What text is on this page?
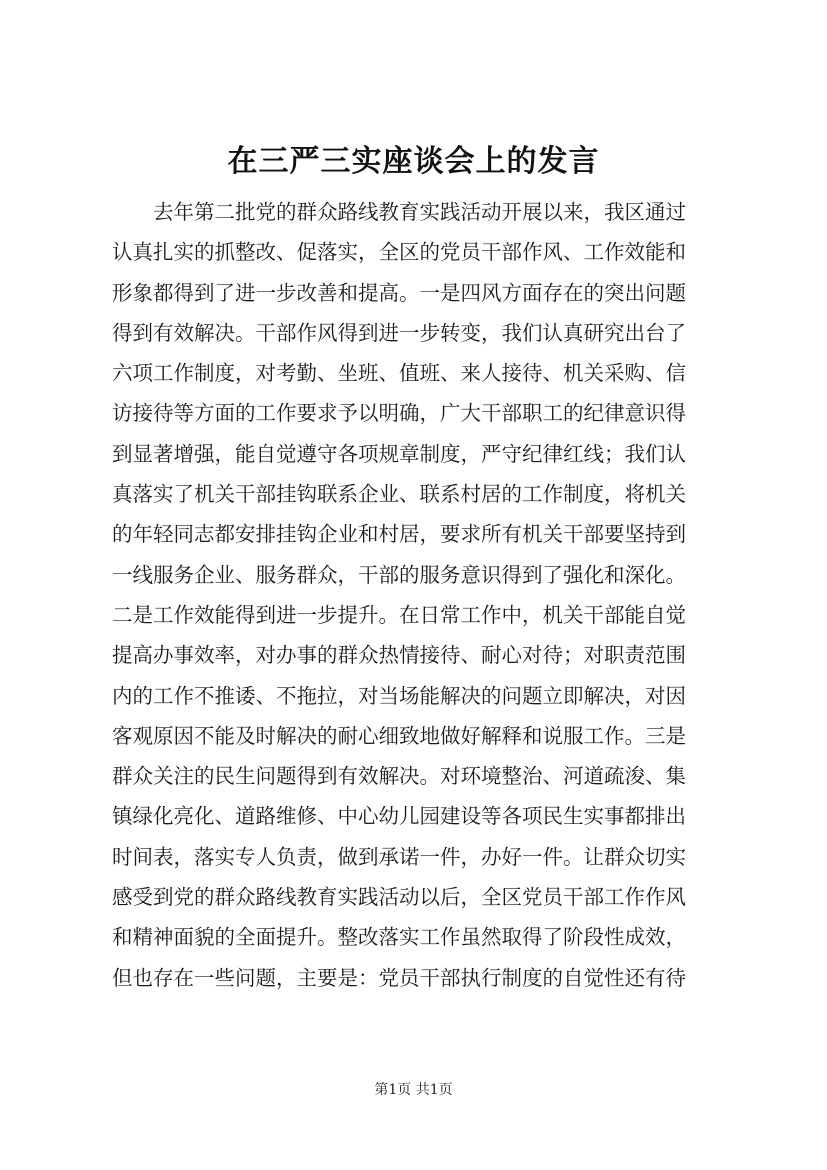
在三严三实座谈会上的发言
去年第二批党的群众路线教育实践活动开展以来，我区通过
认真扎实的抓整改、促落实，全区的党员干部作风、工作效能和
形象都得到了进一步改善和提高。一是四风方面存在的突出问题
得到有效解决。干部作风得到进一步转变，我们认真研究出台了
六项工作制度，对考勤、坐班、值班、来人接待、机关采购、信
访接待等方面的工作要求予以明确，广大干部职工的纪律意识得
到显著增强，能自觉遵守各项规章制度，严守纪律红线；我们认
真落实了机关干部挂钩联系企业、联系村居的工作制度，将机关
的年轻同志都安排挂钩企业和村居，要求所有机关干部要坚持到
一线服务企业、服务群众，干部的服务意识得到了强化和深化。
二是工作效能得到进一步提升。在日常工作中，机关干部能自觉
提高办事效率，对办事的群众热情接待、耐心对待；对职责范围
内的工作不推诿、不拖拉，对当场能解决的问题立即解决，对因
客观原因不能及时解决的耐心细致地做好解释和说服工作。三是
群众关注的民生问题得到有效解决。对环境整治、河道疏浚、集
镇绿化亮化、道路维修、中心幼儿园建设等各项民生实事都排出
时间表，落实专人负责，做到承诺一件，办好一件。让群众切实
感受到党的群众路线教育实践活动以后，全区党员干部工作作风
和精神面貌的全面提升。整改落实工作虽然取得了阶段性成效，
但也存在一些问题，主要是：党员干部执行制度的自觉性还有待
第1页 共1页
